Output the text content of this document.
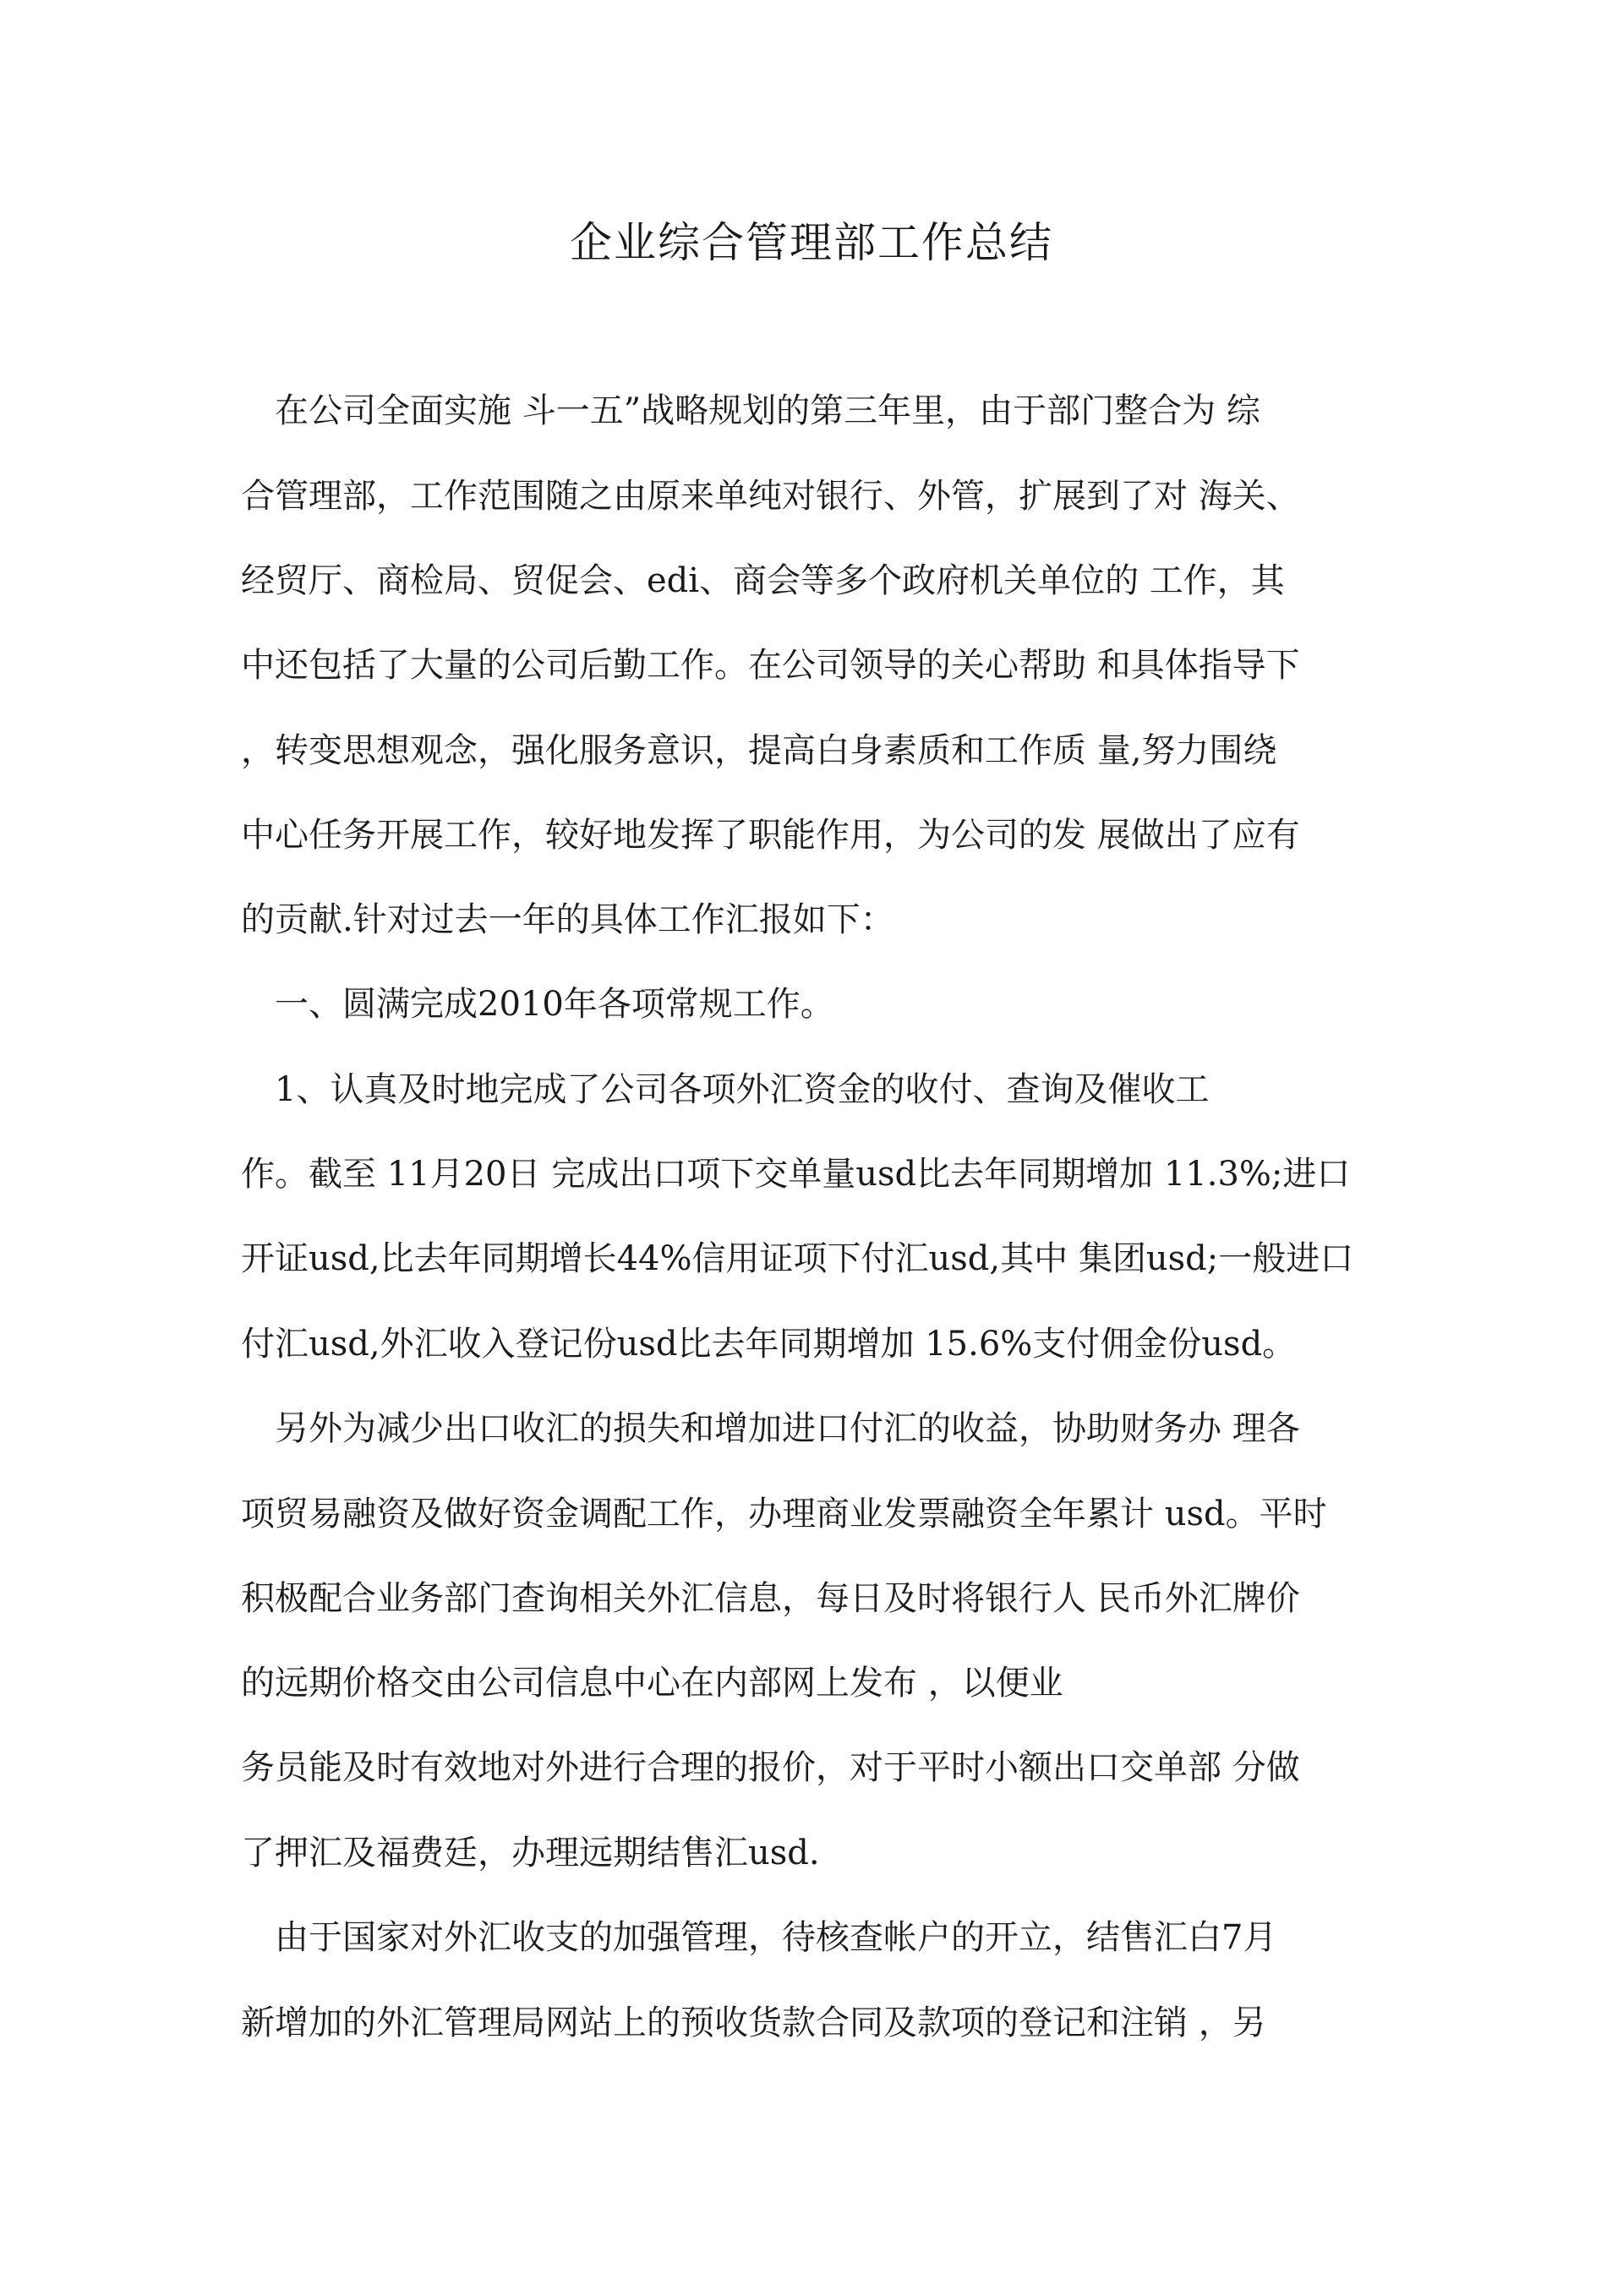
企业综合管理部工作总结
在公司全面实施 斗一五”战略规划的第三年里，由于部门整合为 综
合管理部，工作范围随之由原来单纯对银行、外管，扩展到了对 海关、
经贸厅、商检局、贸促会、edi、商会等多个政府机关单位的 工作，其
中还包括了大量的公司后勤工作。在公司领导的关心帮助 和具体指导下
，转变思想观念，强化服务意识，提高白身素质和工作质 量,努力围绕
中心任务开展工作，较好地发挥了职能作用，为公司的发 展做出了应有
的贡献.针对过去一年的具体工作汇报如下：
一、圆满完成2010年各项常规工作。
1、认真及时地完成了公司各项外汇资金的收付、查询及催收工
作。截至 11月20日 完成出口项下交单量usd比去年同期增加 11.3%;进口
开证usd,比去年同期增长44%信用证项下付汇usd,其中 集团usd;一般进口
付汇usd,外汇收入登记份usd比去年同期增加 15.6%支付佣金份usd。
另外为减少出口收汇的损失和增加进口付汇的收益，协助财务办 理各
项贸易融资及做好资金调配工作，办理商业发票融资全年累计 usd。平时
积极配合业务部门查询相关外汇信息，每日及时将银行人 民币外汇牌价
的远期价格交由公司信息中心在内部网上发布 ，以便业
务员能及时有效地对外进行合理的报价，对于平时小额出口交单部 分做
了押汇及福费廷，办理远期结售汇usd.
由于国家对外汇收支的加强管理，待核查帐户的开立，结售汇白7月
新增加的外汇管理局网站上的预收货款合同及款项的登记和注销 ，另
